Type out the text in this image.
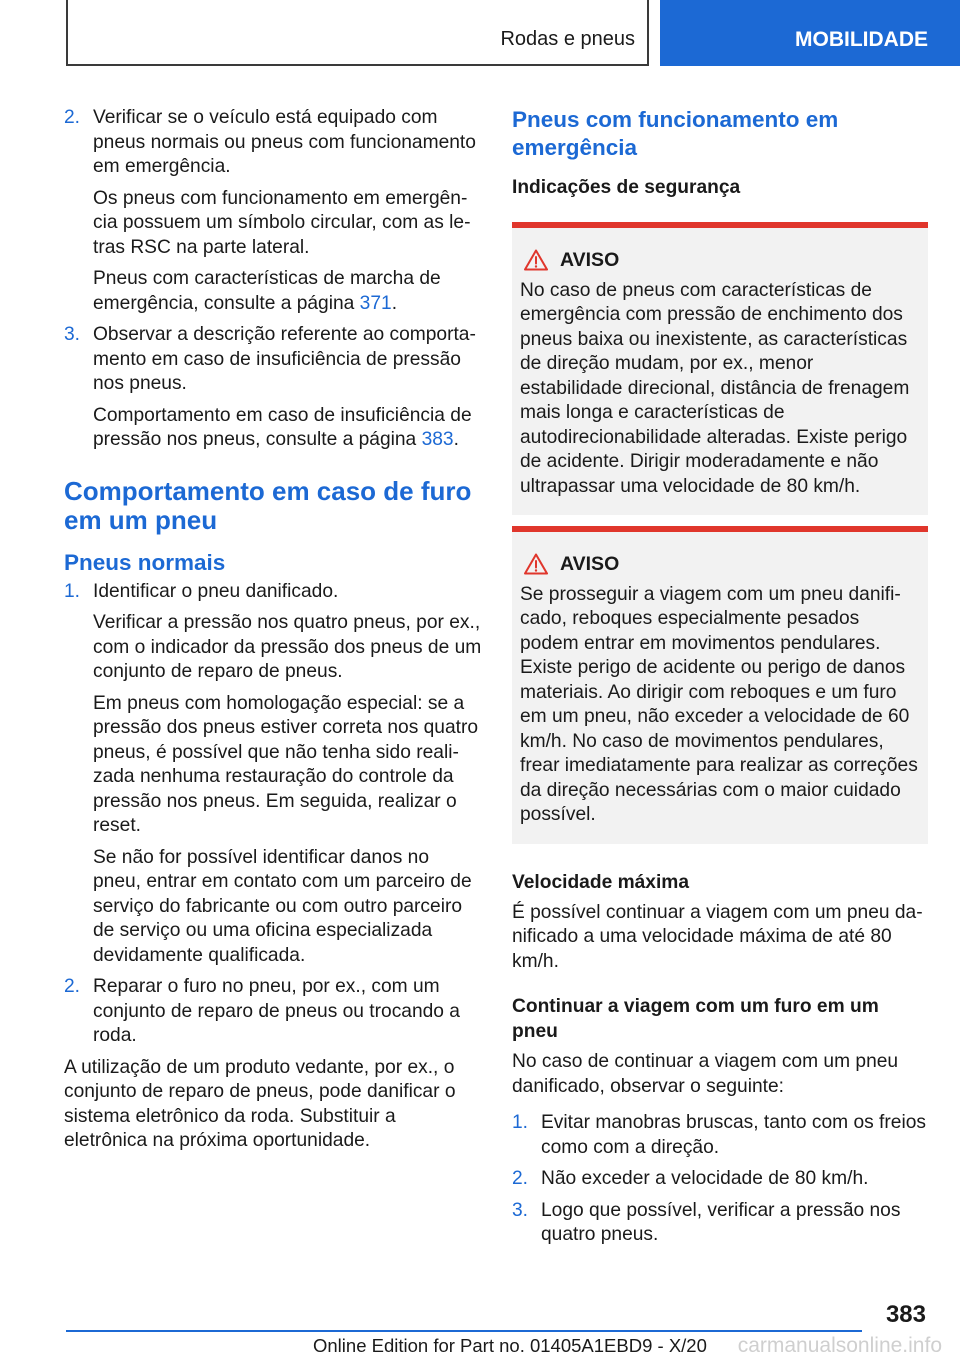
Rodas e pneus	MOBILIDADE
2. Verificar se o veículo está equipado com pneus normais ou pneus com funcionamento em emergência.

Os pneus com funcionamento em emergência possuem um símbolo circular, com as letras RSC na parte lateral.

Pneus com características de marcha de emergência, consulte a página 371.

3. Observar a descrição referente ao comportamento em caso de insuficiência de pressão nos pneus.

Comportamento em caso de insuficiência de pressão nos pneus, consulte a página 383.

Comportamento em caso de furo em um pneu
Pneus normais
1. Identificar o pneu danificado.

Verificar a pressão nos quatro pneus, por ex., com o indicador da pressão dos pneus de um conjunto de reparo de pneus.

Em pneus com homologação especial: se a pressão dos pneus estiver correta nos quatro pneus, é possível que não tenha sido realizada nenhuma restauração do controle da pressão nos pneus. Em seguida, realizar o reset.

Se não for possível identificar danos no pneu, entrar em contato com um parceiro de serviço do fabricante ou com outro parceiro de serviço ou uma oficina especializada devidamente qualificada.

2. Reparar o furo no pneu, por ex., com um conjunto de reparo de pneus ou trocando a roda.

A utilização de um produto vedante, por ex., o conjunto de reparo de pneus, pode danificar o sistema eletrônico da roda. Substituir a eletrônica na próxima oportunidade.

Pneus com funcionamento em emergência
Indicações de segurança
AVISO

No caso de pneus com características de emergência com pressão de enchimento dos pneus baixa ou inexistente, as características de direção mudam, por ex., menor estabilidade direcional, distância de frenagem mais longa e características de autodirecionabilidade alteradas. Existe perigo de acidente. Dirigir moderadamente e não ultrapassar uma velocidade de 80 km/h.

AVISO

Se prosseguir a viagem com um pneu danificado, reboques especialmente pesados podem entrar em movimentos pendulares. Existe perigo de acidente ou perigo de danos materiais. Ao dirigir com reboques e um furo em um pneu, não exceder a velocidade de 60 km/h. No caso de movimentos pendulares, frear imediatamente para realizar as correções da direção necessárias com o maior cuidado possível.

Velocidade máxima

É possível continuar a viagem com um pneu danificado a uma velocidade máxima de até 80 km/h.

Continuar a viagem com um furo em um pneu

No caso de continuar a viagem com um pneu danificado, observar o seguinte:

1. Evitar manobras bruscas, tanto com os freios como com a direção.
2. Não exceder a velocidade de 80 km/h.
3. Logo que possível, verificar a pressão nos quatro pneus.
383
Online Edition for Part no. 01405A1EBD9 - X/20 carmanualsonline.info
